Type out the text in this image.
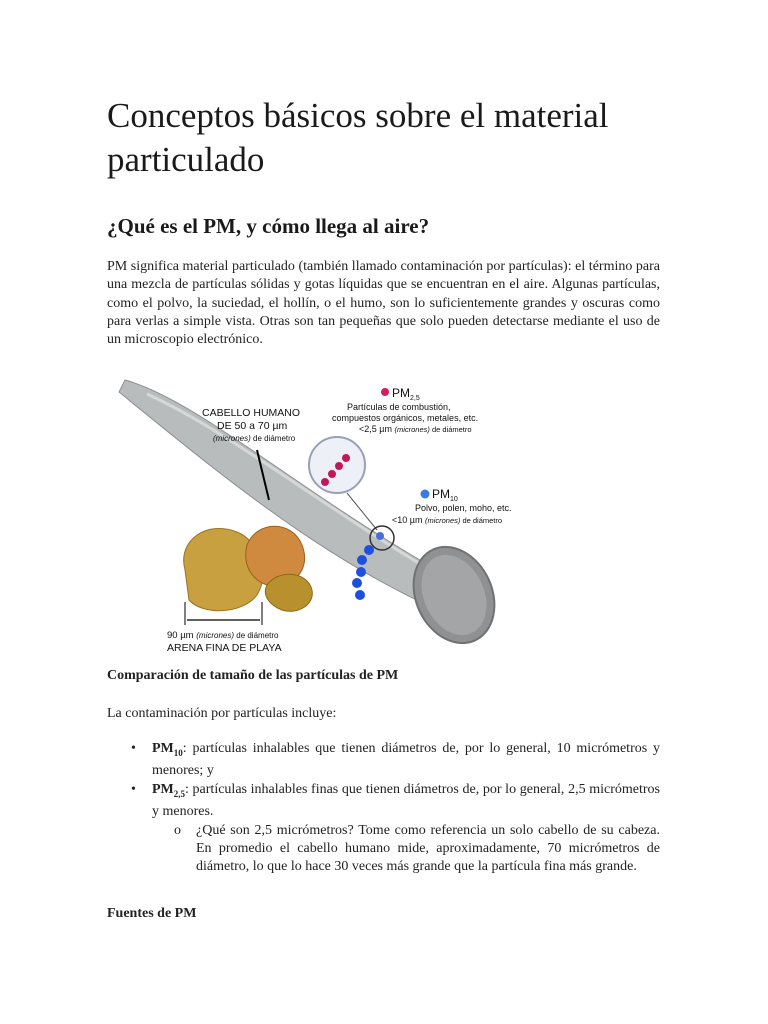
Conceptos básicos sobre el material particulado
¿Qué es el PM, y cómo llega al aire?

PM significa material particulado (también llamado contaminación por partículas): el término para una mezcla de partículas sólidas y gotas líquidas que se encuentran en el aire. Algunas partículas, como el polvo, la suciedad, el hollín, o el humo, son lo suficientemente grandes y oscuras como para verlas a simple vista. Otras son tan pequeñas que solo pueden detectarse mediante el uso de un microscopio electrónico.

CABELLO HUMANO
DE 50 a 70 µm
(micrones) de diámetro
$PM_{2,5}$
Partículas de combustión,
compuestos orgánicos, metales, etc.
<2,5 µm (micrones) de diámetro
$PM_{10}$
Polvo, polen, moho, etc.
<10 µm (micrones) de diámetro
90 µm (micrones) de diámetro
ARENA FINA DE PLAYA

Comparación de tamaño de las partículas de PM

La contaminación por partículas incluye:

• $PM_{10}$: partículas inhalables que tienen diámetros de, por lo general, 10 micrómetros y menores; y
• $PM_{2,5}$: partículas inhalables finas que tienen diámetros de, por lo general, 2,5 micrómetros y menores.
o ¿Qué son 2,5 micrómetros? Tome como referencia un solo cabello de su cabeza. En promedio el cabello humano mide, aproximadamente, 70 micrómetros de diámetro, lo que lo hace 30 veces más grande que la partícula fina más grande.

Fuentes de PM
